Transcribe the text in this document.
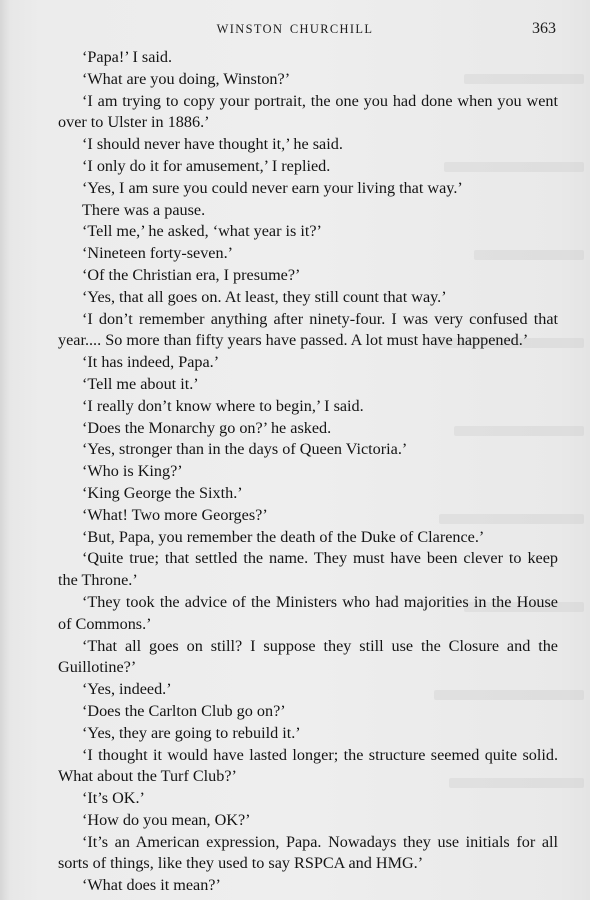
WINSTON CHURCHILL	363

‘Papa!’ I said.

‘What are you doing, Winston?’

‘I am trying to copy your portrait, the one you had done when you went over to Ulster in 1886.’

‘I should never have thought it,’ he said.

‘I only do it for amusement,’ I replied.

‘Yes, I am sure you could never earn your living that way.’

There was a pause.

‘Tell me,’ he asked, ‘what year is it?’

‘Nineteen forty-seven.’

‘Of the Christian era, I presume?’

‘Yes, that all goes on. At least, they still count that way.’

‘I don’t remember anything after ninety-four. I was very confused that year.... So more than fifty years have passed. A lot must have happened.’

‘It has indeed, Papa.’

‘Tell me about it.’

‘I really don’t know where to begin,’ I said.

‘Does the Monarchy go on?’ he asked.

‘Yes, stronger than in the days of Queen Victoria.’

‘Who is King?’

‘King George the Sixth.’

‘What! Two more Georges?’

‘But, Papa, you remember the death of the Duke of Clarence.’

‘Quite true; that settled the name. They must have been clever to keep the Throne.’

‘They took the advice of the Ministers who had majorities in the House of Commons.’

‘That all goes on still? I suppose they still use the Closure and the Guillotine?’

‘Yes, indeed.’

‘Does the Carlton Club go on?’

‘Yes, they are going to rebuild it.’

‘I thought it would have lasted longer; the structure seemed quite solid. What about the Turf Club?’

‘It’s OK.’

‘How do you mean, OK?’

‘It’s an American expression, Papa. Nowadays they use initials for all sorts of things, like they used to say RSPCA and HMG.’

‘What does it mean?’
